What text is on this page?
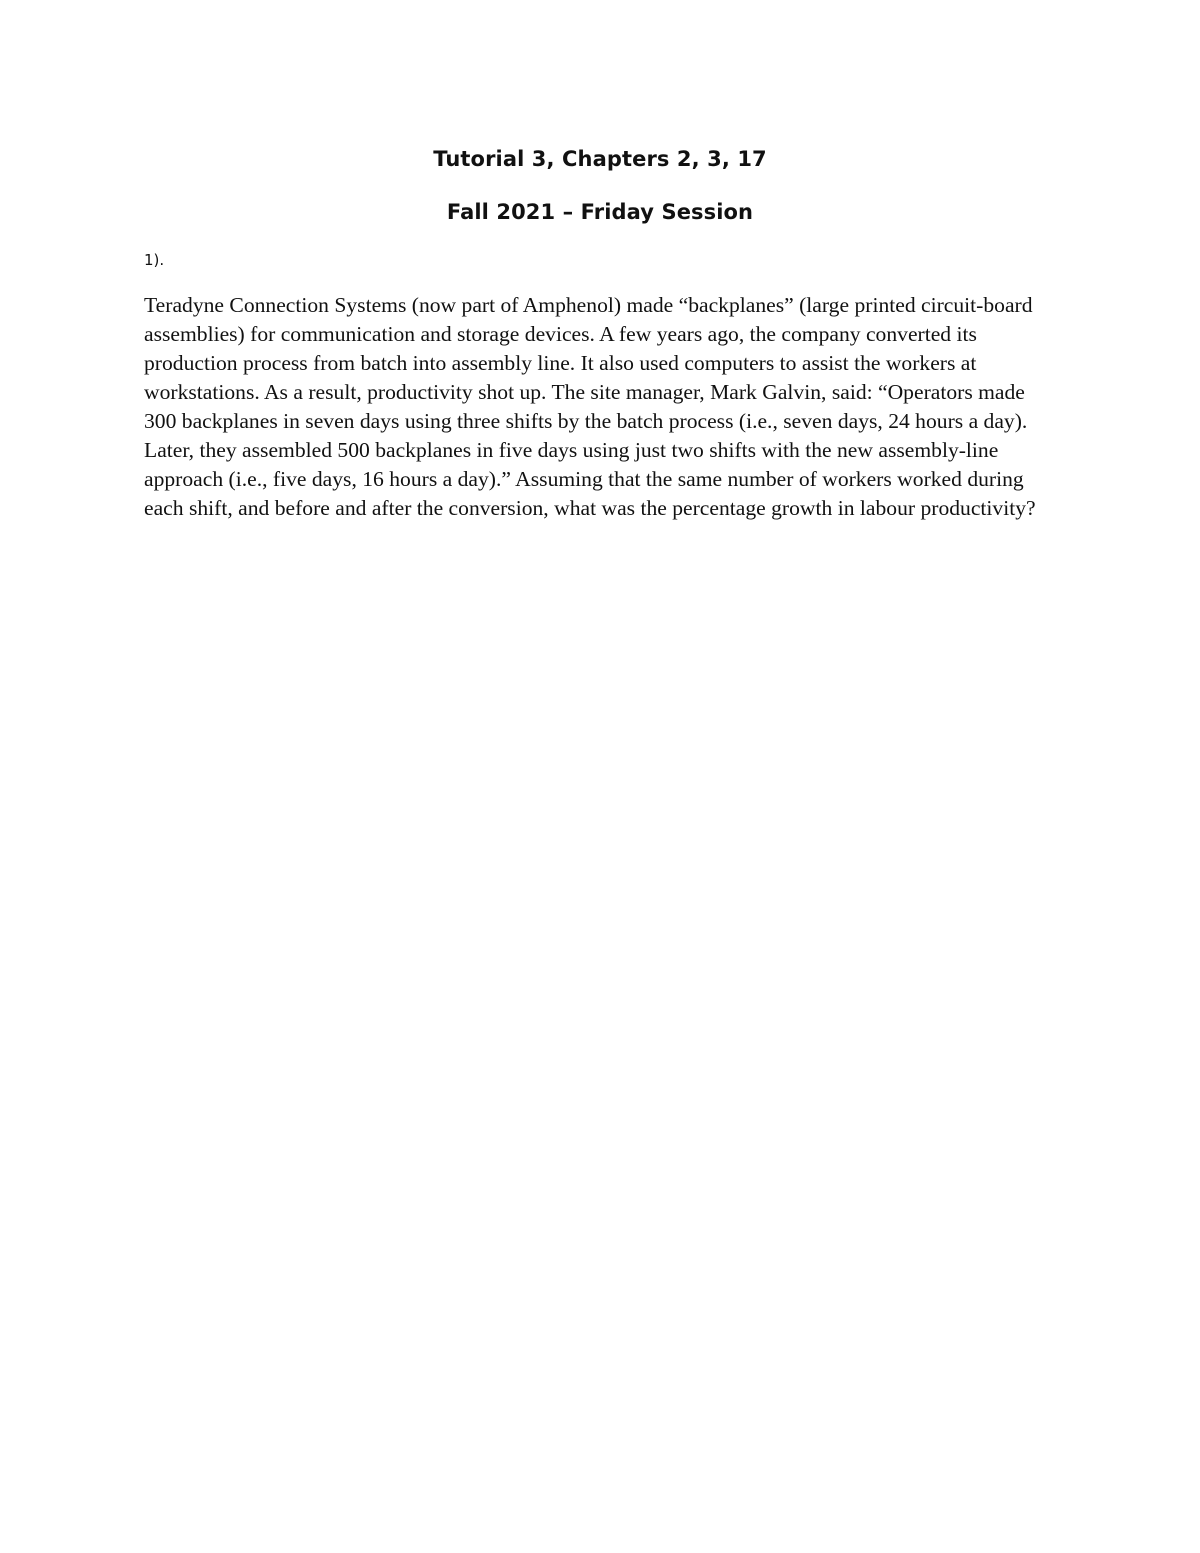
Tutorial 3, Chapters 2, 3, 17
Fall 2021 – Friday Session

1).

Teradyne Connection Systems (now part of Amphenol) made “backplanes” (large printed circuit-board assemblies) for communication and storage devices. A few years ago, the company converted its production process from batch into assembly line. It also used computers to assist the workers at workstations. As a result, productivity shot up. The site manager, Mark Galvin, said: “Operators made 300 backplanes in seven days using three shifts by the batch process (i.e., seven days, 24 hours a day). Later, they assembled 500 backplanes in five days using just two shifts with the new assembly-line approach (i.e., five days, 16 hours a day).” Assuming that the same number of workers worked during each shift, and before and after the conversion, what was the percentage growth in labour productivity?
